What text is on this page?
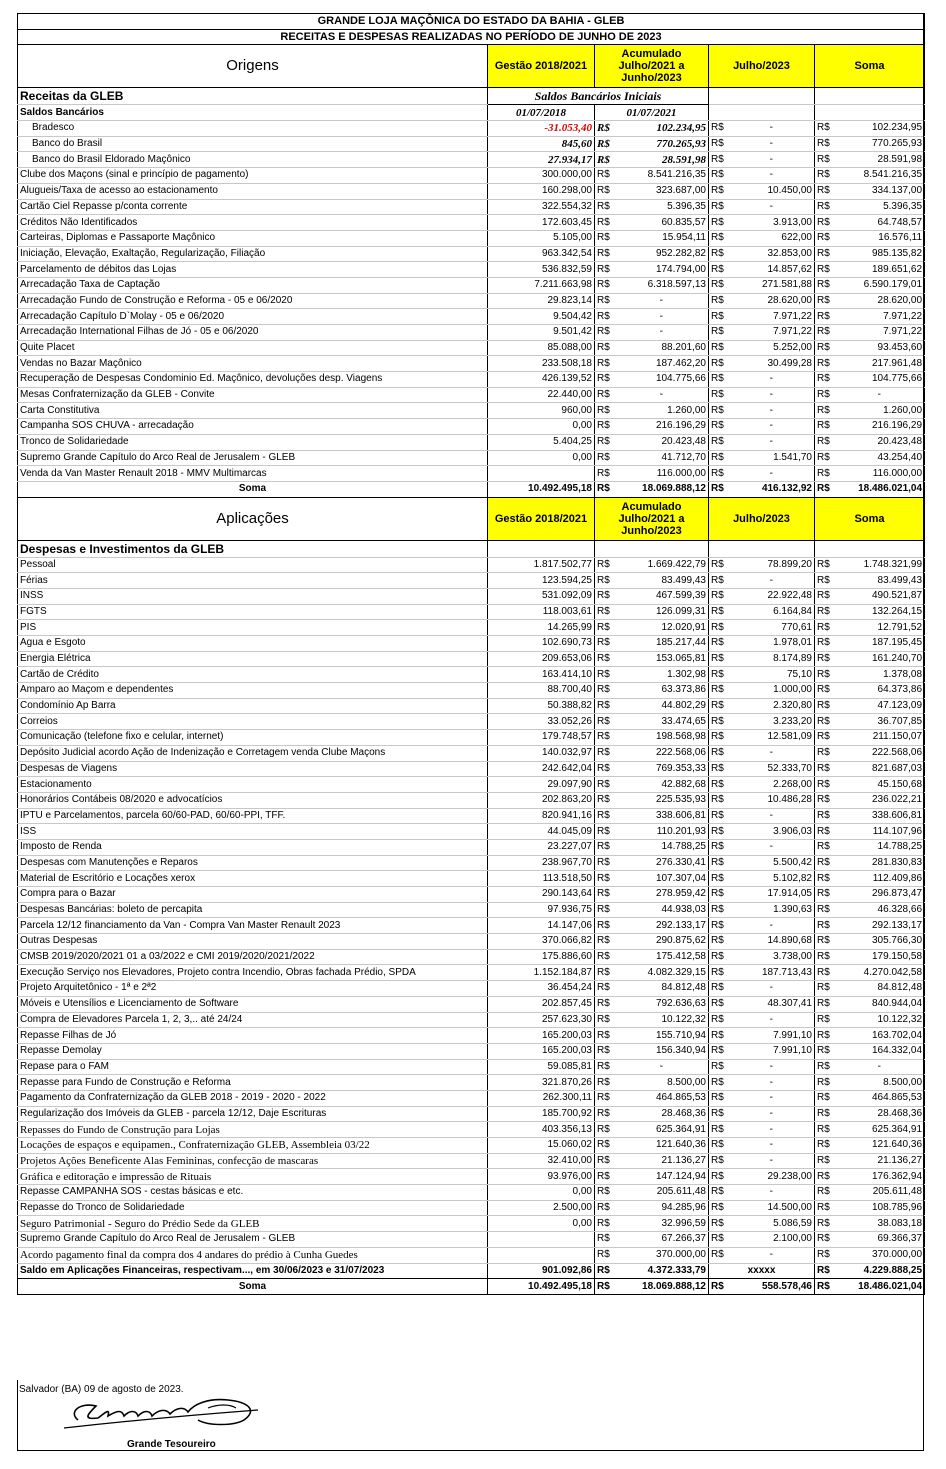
GRANDE LOJA MAÇÔNICA DO ESTADO DA BAHIA - GLEB							
RECEITAS E DESPESAS REALIZADAS NO PERÍODO DE JUNHO DE 2023							
Origens	Gestão 2018/2021	Acumulado Julho/2021 a Junho/2023		Julho/2023		Soma	
Receitas da GLEB	Saldos Bancários Iniciais						
Saldos Bancários	01/07/2018	01/07/2021					
Bradesco	-31.053,40	R$	102.234,95	R$	-	R$	102.234,95
Banco do Brasil	845,60	R$	770.265,93	R$	-	R$	770.265,93
Banco do Brasil Eldorado Maçônico	27.934,17	R$	28.591,98	R$	-	R$	28.591,98
Clube dos Maçons (sinal e princípio de pagamento)	300.000,00	R$	8.541.216,35	R$	-	R$	8.541.216,35
Alugueis/Taxa de acesso ao estacionamento	160.298,00	R$	323.687,00	R$	10.450,00	R$	334.137,00
Cartão Ciel Repasse p/conta corrente	322.554,32	R$	5.396,35	R$	-	R$	5.396,35
Créditos Não Identificados	172.603,45	R$	60.835,57	R$	3.913,00	R$	64.748,57
Carteiras, Diplomas e Passaporte Maçônico	5.105,00	R$	15.954,11	R$	622,00	R$	16.576,11
Iniciação, Elevação, Exaltação, Regularização, Filiação	963.342,54	R$	952.282,82	R$	32.853,00	R$	985.135,82
Parcelamento de débitos das Lojas	536.832,59	R$	174.794,00	R$	14.857,62	R$	189.651,62
Arrecadação Taxa de Captação	7.211.663,98	R$	6.318.597,13	R$	271.581,88	R$	6.590.179,01
Arrecadação Fundo de Construção e Reforma - 05 e 06/2020	29.823,14	R$	-	R$	28.620,00	R$	28.620,00
Arrecadação Capítulo D`Molay - 05 e 06/2020	9.504,42	R$	-	R$	7.971,22	R$	7.971,22
Arrecadação International Filhas de Jó - 05 e 06/2020	9.501,42	R$	-	R$	7.971,22	R$	7.971,22
Quite Placet	85.088,00	R$	88.201,60	R$	5.252,00	R$	93.453,60
Vendas no Bazar Maçônico	233.508,18	R$	187.462,20	R$	30.499,28	R$	217.961,48
Recuperação de Despesas Condominio Ed. Maçônico, devoluções desp. Viagens	426.139,52	R$	104.775,66	R$	-	R$	104.775,66
Mesas Confraternização da GLEB - Convite	22.440,00	R$	-	R$	-	R$	-
Carta Constitutiva	960,00	R$	1.260,00	R$	-	R$	1.260,00
Campanha SOS CHUVA - arrecadação	0,00	R$	216.196,29	R$	-	R$	216.196,29
Tronco de Solidariedade	5.404,25	R$	20.423,48	R$	-	R$	20.423,48
Supremo Grande Capítulo do Arco Real de Jerusalem - GLEB	0,00	R$	41.712,70	R$	1.541,70	R$	43.254,40
Venda da Van Master Renault 2018 - MMV Multimarcas		R$	116.000,00	R$	-	R$	116.000,00
Soma	10.492.495,18	R$	18.069.888,12	R$	416.132,92	R$	18.486.021,04
Aplicações	Gestão 2018/2021	Acumulado Julho/2021 a Junho/2023		Julho/2023		Soma	
Despesas e Investimentos da GLEB							
Pessoal	1.817.502,77	R$	1.669.422,79	R$	78.899,20	R$	1.748.321,99
Férias	123.594,25	R$	83.499,43	R$	-	R$	83.499,43
INSS	531.092,09	R$	467.599,39	R$	22.922,48	R$	490.521,87
FGTS	118.003,61	R$	126.099,31	R$	6.164,84	R$	132.264,15
PIS	14.265,99	R$	12.020,91	R$	770,61	R$	12.791,52
Agua e Esgoto	102.690,73	R$	185.217,44	R$	1.978,01	R$	187.195,45
Energia Elétrica	209.653,06	R$	153.065,81	R$	8.174,89	R$	161.240,70
Cartão de Crédito	163.414,10	R$	1.302,98	R$	75,10	R$	1.378,08
Amparo ao Maçom e dependentes	88.700,40	R$	63.373,86	R$	1.000,00	R$	64.373,86
Condomínio Ap Barra	50.388,82	R$	44.802,29	R$	2.320,80	R$	47.123,09
Correios	33.052,26	R$	33.474,65	R$	3.233,20	R$	36.707,85
Comunicação (telefone fixo e celular, internet)	179.748,57	R$	198.568,98	R$	12.581,09	R$	211.150,07
Depósito Judicial acordo Ação de Indenização e Corretagem venda Clube Maçons	140.032,97	R$	222.568,06	R$	-	R$	222.568,06
Despesas de Viagens	242.642,04	R$	769.353,33	R$	52.333,70	R$	821.687,03
Estacionamento	29.097,90	R$	42.882,68	R$	2.268,00	R$	45.150,68
Honorários Contábeis 08/2020 e advocatícios	202.863,20	R$	225.535,93	R$	10.486,28	R$	236.022,21
IPTU e Parcelamentos, parcela 60/60-PAD, 60/60-PPI, TFF.	820.941,16	R$	338.606,81	R$	-	R$	338.606,81
ISS	44.045,09	R$	110.201,93	R$	3.906,03	R$	114.107,96
Imposto de Renda	23.227,07	R$	14.788,25	R$	-	R$	14.788,25
Despesas com Manutenções e Reparos	238.967,70	R$	276.330,41	R$	5.500,42	R$	281.830,83
Material de Escritório e Locações xerox	113.518,50	R$	107.307,04	R$	5.102,82	R$	112.409,86
Compra para o Bazar	290.143,64	R$	278.959,42	R$	17.914,05	R$	296.873,47
Despesas Bancárias: boleto de percapita	97.936,75	R$	44.938,03	R$	1.390,63	R$	46.328,66
Parcela 12/12 financiamento da Van - Compra Van Master Renault 2023	14.147,06	R$	292.133,17	R$	-	R$	292.133,17
Outras Despesas	370.066,82	R$	290.875,62	R$	14.890,68	R$	305.766,30
CMSB 2019/2020/2021 01 a 03/2022 e CMI 2019/2020/2021/2022	175.886,60	R$	175.412,58	R$	3.738,00	R$	179.150,58
Execução Serviço nos Elevadores, Projeto contra Incendio, Obras fachada Prédio, SPDA	1.152.184,87	R$	4.082.329,15	R$	187.713,43	R$	4.270.042,58
Projeto Arquitetônico - 1ª e 2ª2	36.454,24	R$	84.812,48	R$	-	R$	84.812,48
Móveis e Utensílios e Licenciamento de Software	202.857,45	R$	792.636,63	R$	48.307,41	R$	840.944,04
Compra de Elevadores Parcela 1, 2, 3,.. até 24/24	257.623,30	R$	10.122,32	R$	-	R$	10.122,32
Repasse Filhas de Jó	165.200,03	R$	155.710,94	R$	7.991,10	R$	163.702,04
Repasse Demolay	165.200,03	R$	156.340,94	R$	7.991,10	R$	164.332,04
Repase para o FAM	59.085,81	R$	-	R$	-	R$	-
Repasse para Fundo de Construção e Reforma	321.870,26	R$	8.500,00	R$	-	R$	8.500,00
Pagamento da Confraternização da GLEB 2018 - 2019 - 2020 - 2022	262.300,11	R$	464.865,53	R$	-	R$	464.865,53
Regularização dos Imóveis da GLEB - parcela 12/12, Daje Escrituras	185.700,92	R$	28.468,36	R$	-	R$	28.468,36
Repasses do Fundo de Construção para Lojas	403.356,13	R$	625.364,91	R$	-	R$	625.364,91
Locações de espaços e equipamen., Confraternização GLEB, Assembleia 03/22	15.060,02	R$	121.640,36	R$	-	R$	121.640,36
Projetos Ações Beneficente Alas Femininas, confecção de mascaras	32.410,00	R$	21.136,27	R$	-	R$	21.136,27
Gráfica e editoração e impressão de Rituais	93.976,00	R$	147.124,94	R$	29.238,00	R$	176.362,94
Repasse CAMPANHA SOS - cestas básicas e etc.	0,00	R$	205.611,48	R$	-	R$	205.611,48
Repasse do Tronco de Solidariedade	2.500,00	R$	94.285,96	R$	14.500,00	R$	108.785,96
Seguro Patrimonial - Seguro do Prédio Sede da GLEB	0,00	R$	32.996,59	R$	5.086,59	R$	38.083,18
Supremo Grande Capítulo do Arco Real de Jerusalem - GLEB		R$	67.266,37	R$	2.100,00	R$	69.366,37
Acordo pagamento final da compra dos 4 andares do prédio à Cunha Guedes		R$	370.000,00	R$	-	R$	370.000,00
Saldo em Aplicações Financeiras, respectivam..., em 30/06/2023 e 31/07/2023	901.092,86	R$	4.372.333,79	xxxxx		R$	4.229.888,25
Soma	10.492.495,18	R$	18.069.888,12	R$	558.578,46	R$	18.486.021,04
Salvador (BA) 09 de agosto de 2023.
Grande Tesoureiro
